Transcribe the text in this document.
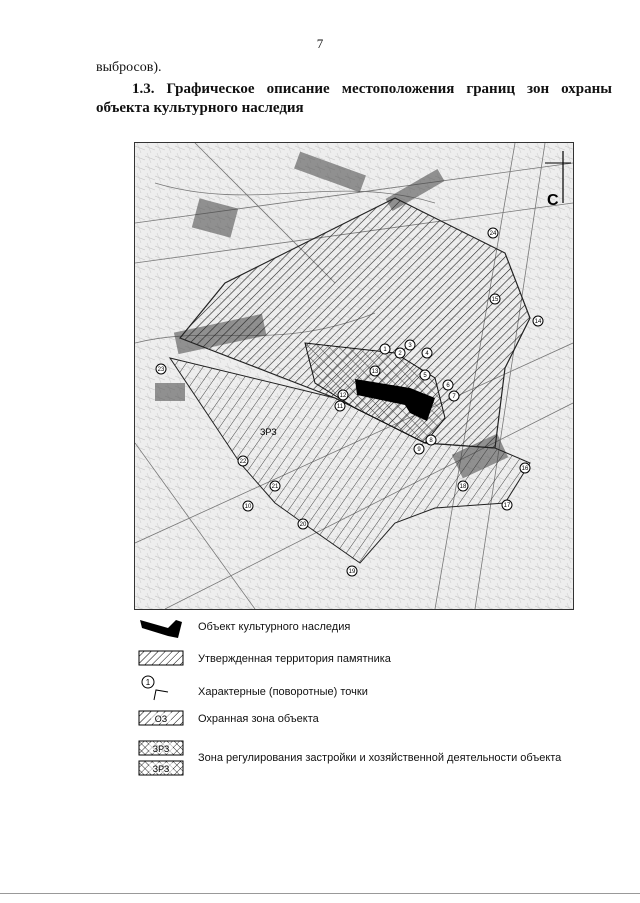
7
выбросов).
1.3. Графическое описание местоположения границ зон охраны
объекта культурного наследия
С
ОЗ
ЗРЗ
1
2
3
4
5
6
7
8
9
10
11
12
13
14
15
16
17
18
19
20
21
22
23
24
Объект культурного наследия
Утвержденная территория памятника
1
Характерные (поворотные) точки
ОЗ	Охранная зона объекта
ЗРЗ
ЗРЗ
Зона регулирования застройки и хозяйственной деятельности объекта
